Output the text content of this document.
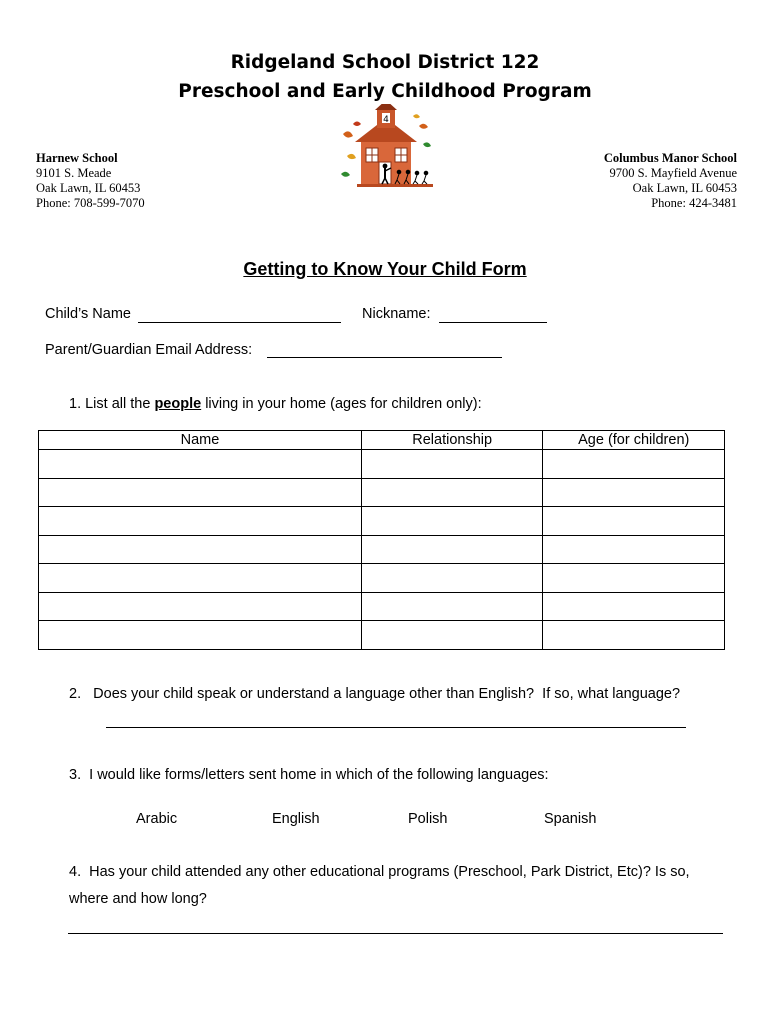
Ridgeland School District 122
Preschool and Early Childhood Program
4
Harnew School
9101 S. Meade
Oak Lawn, IL 60453
Phone: 708-599-7070
Columbus Manor School
9700 S. Mayfield Avenue
Oak Lawn, IL 60453
Phone: 424-3481
Getting to Know Your Child Form
Child’s Name	Nickname:
Parent/Guardian Email Address:
1. List all the people living in your home (ages for children only):
Name	Relationship	Age (for children)

2.   Does your child speak or understand a language other than English?  If so, what language?
3.  I would like forms/letters sent home in which of the following languages:
Arabic	English	Polish	Spanish
4.  Has your child attended any other educational programs (Preschool, Park District, Etc)? Is so,
where and how long?
